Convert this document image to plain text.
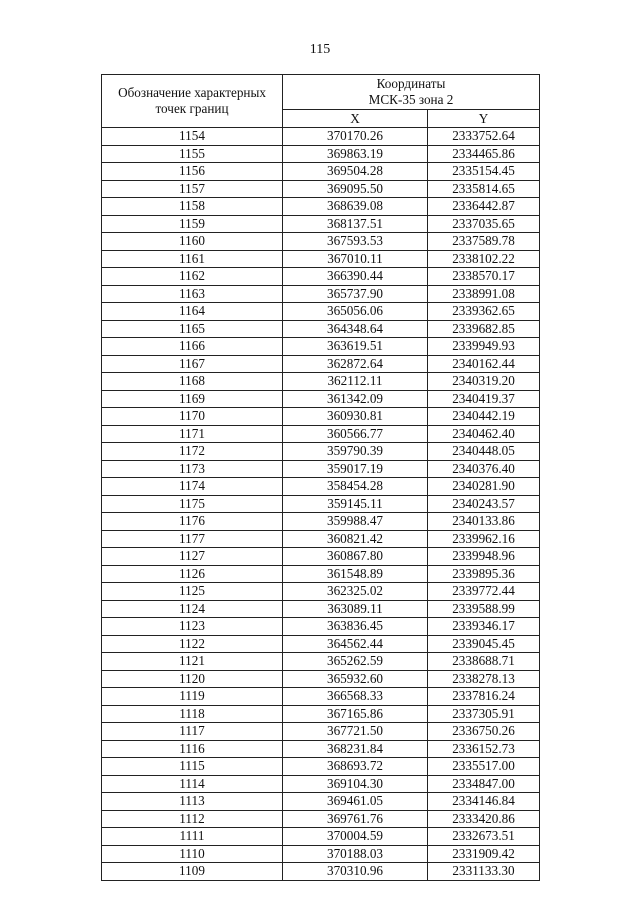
115
Обозначение характерных точек границ	Координаты
МСК-35 зона 2	

	X	Y
1154	370170.26	2333752.64
1155	369863.19	2334465.86
1156	369504.28	2335154.45
1157	369095.50	2335814.65
1158	368639.08	2336442.87
1159	368137.51	2337035.65
1160	367593.53	2337589.78
1161	367010.11	2338102.22
1162	366390.44	2338570.17
1163	365737.90	2338991.08
1164	365056.06	2339362.65
1165	364348.64	2339682.85
1166	363619.51	2339949.93
1167	362872.64	2340162.44
1168	362112.11	2340319.20
1169	361342.09	2340419.37
1170	360930.81	2340442.19
1171	360566.77	2340462.40
1172	359790.39	2340448.05
1173	359017.19	2340376.40
1174	358454.28	2340281.90
1175	359145.11	2340243.57
1176	359988.47	2340133.86
1177	360821.42	2339962.16
1127	360867.80	2339948.96
1126	361548.89	2339895.36
1125	362325.02	2339772.44
1124	363089.11	2339588.99
1123	363836.45	2339346.17
1122	364562.44	2339045.45
1121	365262.59	2338688.71
1120	365932.60	2338278.13
1119	366568.33	2337816.24
1118	367165.86	2337305.91
1117	367721.50	2336750.26
1116	368231.84	2336152.73
1115	368693.72	2335517.00
1114	369104.30	2334847.00
1113	369461.05	2334146.84
1112	369761.76	2333420.86
1111	370004.59	2332673.51
1110	370188.03	2331909.42
1109	370310.96	2331133.30
